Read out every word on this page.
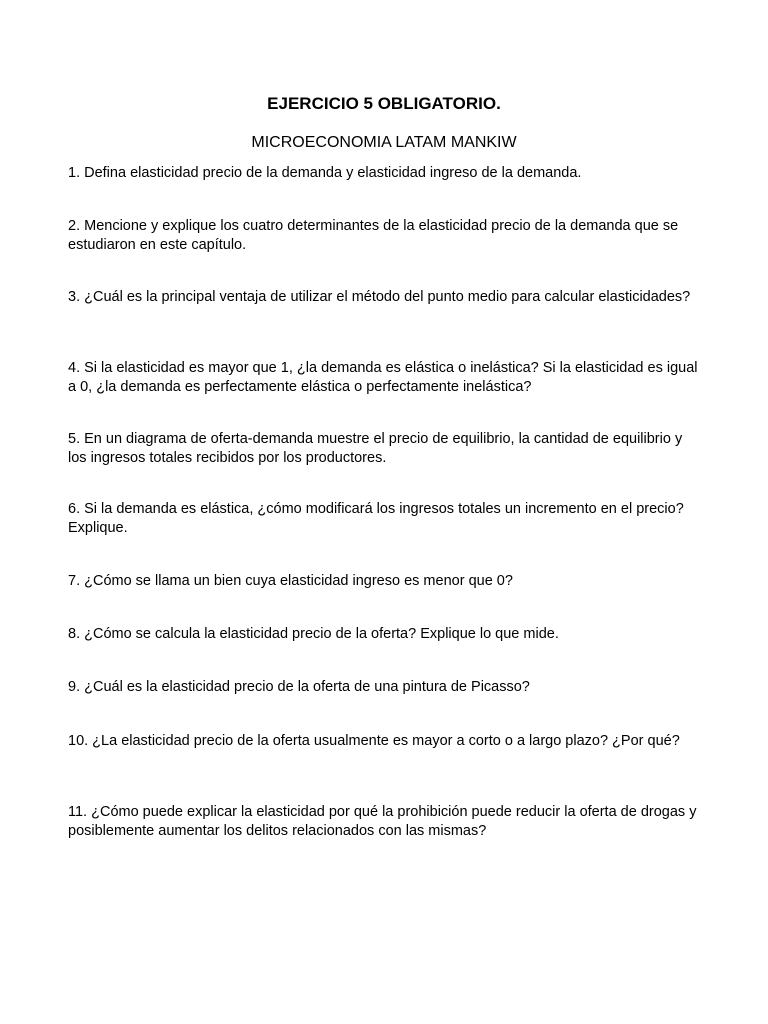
EJERCICIO 5 OBLIGATORIO.
MICROECONOMIA LATAM MANKIW

1. Defina elasticidad precio de la demanda y elasticidad ingreso de la demanda.

2. Mencione y explique los cuatro determinantes de la elasticidad precio de la demanda que se estudiaron en este capítulo.

3. ¿Cuál es la principal ventaja de utilizar el método del punto medio para calcular elasticidades?

4. Si la elasticidad es mayor que 1, ¿la demanda es elástica o inelástica? Si la elasticidad es igual a 0, ¿la demanda es perfectamente elástica o perfectamente inelástica?

5. En un diagrama de oferta-demanda muestre el precio de equilibrio, la cantidad de equilibrio y los ingresos totales recibidos por los productores.

6. Si la demanda es elástica, ¿cómo modificará los ingresos totales un incremento en el precio? Explique.

7. ¿Cómo se llama un bien cuya elasticidad ingreso es menor que 0?

8. ¿Cómo se calcula la elasticidad precio de la oferta? Explique lo que mide.

9. ¿Cuál es la elasticidad precio de la oferta de una pintura de Picasso?

10. ¿La elasticidad precio de la oferta usualmente es mayor a corto o a largo plazo? ¿Por qué?

11. ¿Cómo puede explicar la elasticidad por qué la prohibición puede reducir la oferta de drogas y posiblemente aumentar los delitos relacionados con las mismas?
